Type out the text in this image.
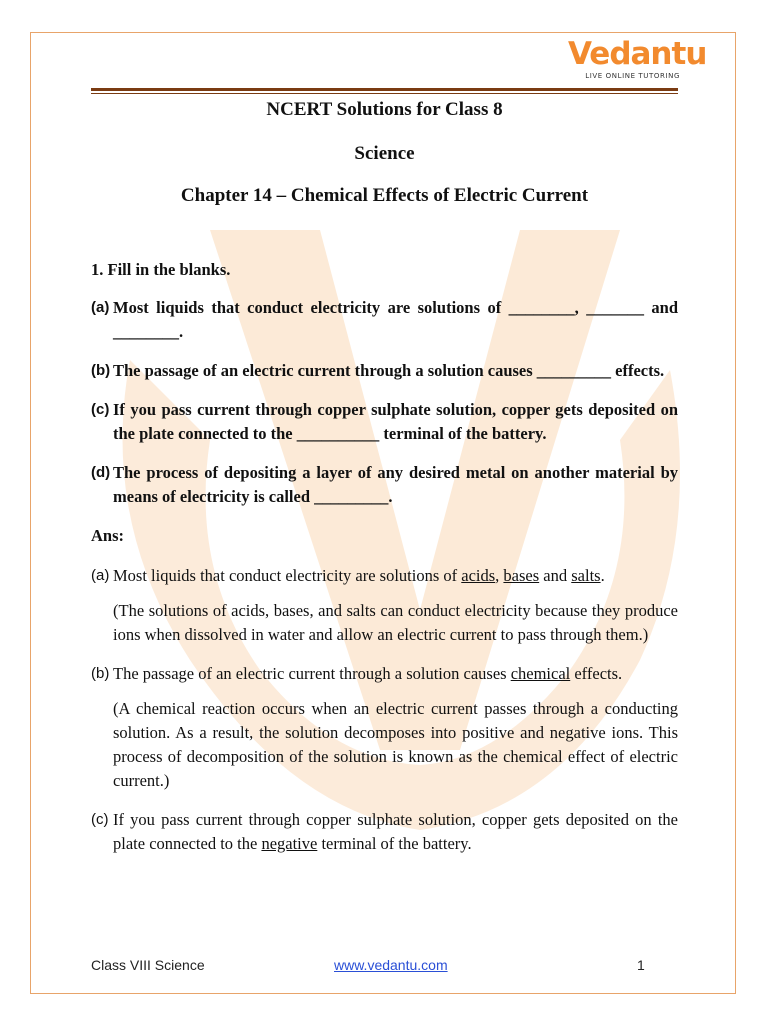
Vedantu
LIVE ONLINE TUTORING
NCERT Solutions for Class 8
Science
Chapter 14 – Chemical Effects of Electric Current
1. Fill in the blanks.
(a) Most liquids that conduct electricity are solutions of ________, _______ and ________.
(b) The passage of an electric current through a solution causes _________ effects.
(c) If you pass current through copper sulphate solution, copper gets deposited on the plate connected to the __________ terminal of the battery.
(d) The process of depositing a layer of any desired metal on another material by means of electricity is called _________.
Ans:
(a) Most liquids that conduct electricity are solutions of acids, bases and salts.
(The solutions of acids, bases, and salts can conduct electricity because they produce ions when dissolved in water and allow an electric current to pass through them.)
(b) The passage of an electric current through a solution causes chemical effects.
(A chemical reaction occurs when an electric current passes through a conducting solution. As a result, the solution decomposes into positive and negative ions. This process of decomposition of the solution is known as the chemical effect of electric current.)
(c) If you pass current through copper sulphate solution, copper gets deposited on the plate connected to the negative terminal of the battery.
Class VIII Science	www.vedantu.com	1
